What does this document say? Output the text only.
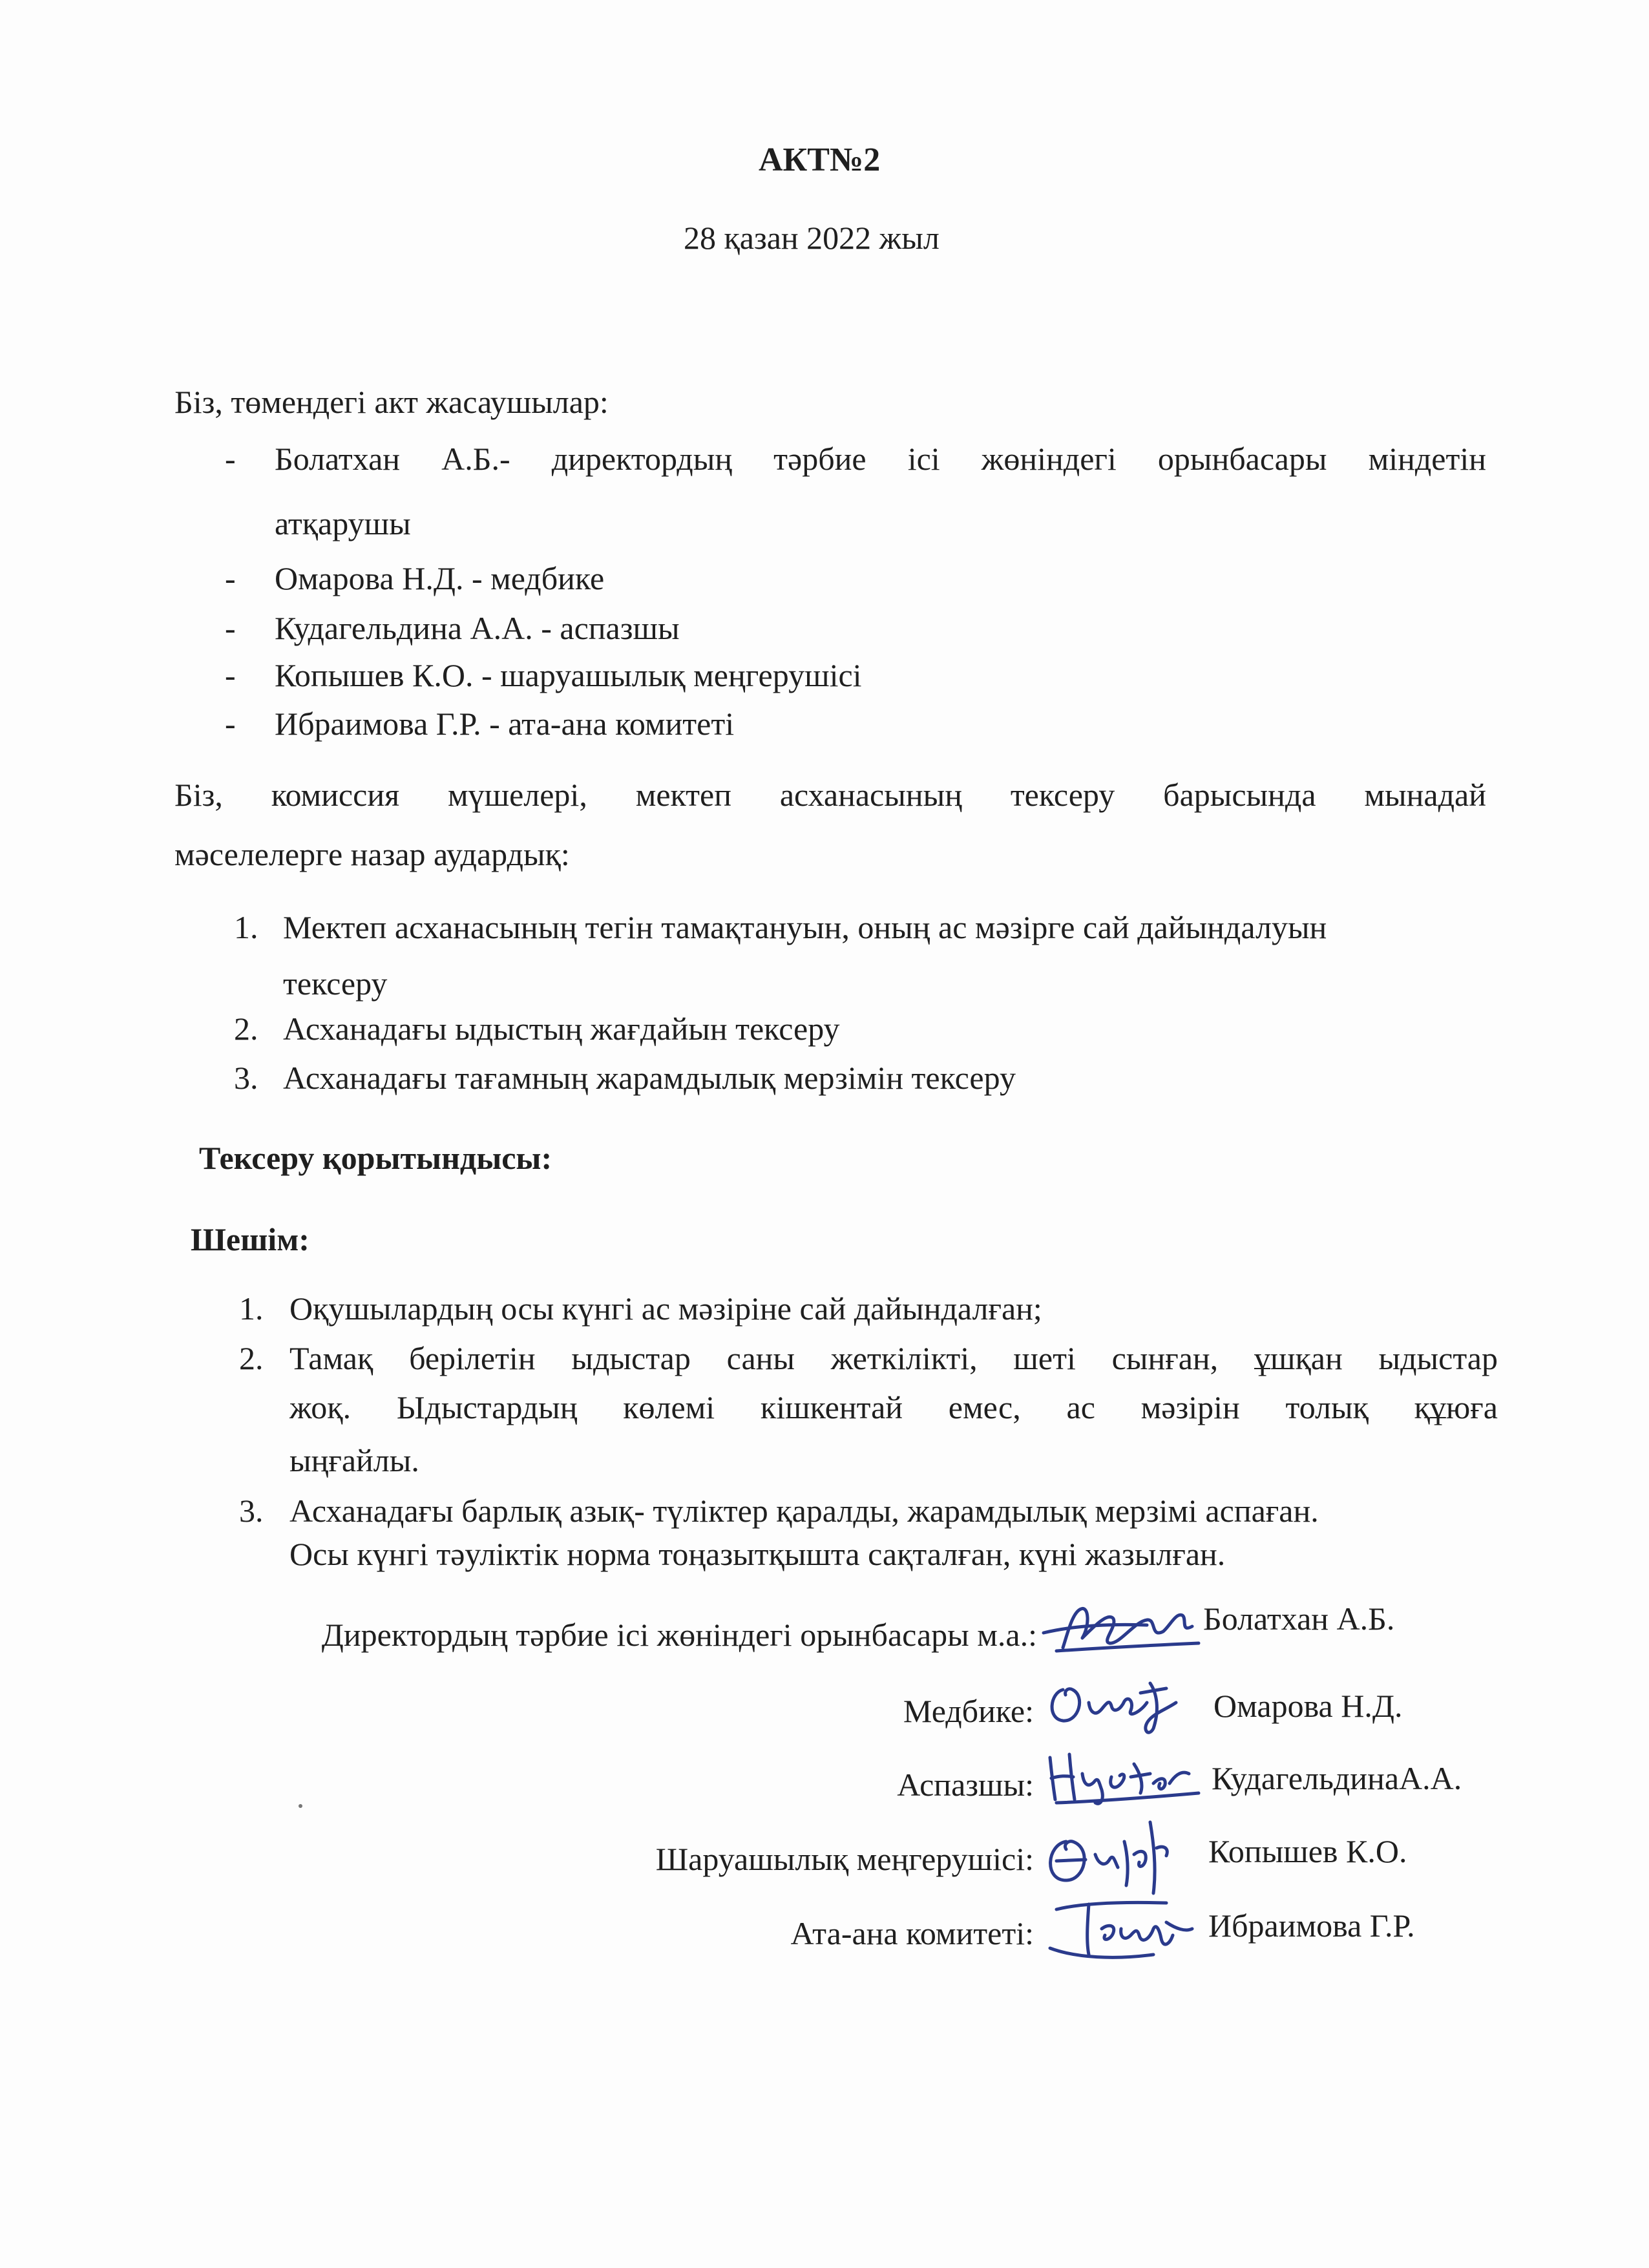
АКТ№2
28 қазан 2022 жыл
Біз, төмендегі акт жасаушылар:
- Болатхан А.Б.- директордың тәрбие ісі жөніндегі орынбасары міндетін
атқарушы
- Омарова Н.Д. - медбике
- Кудагельдина А.А. - аспазшы
- Копышев К.О. - шаруашылық меңгерушісі
- Ибраимова Г.Р. - ата-ана комитеті
Біз, комиссия мүшелері, мектеп асханасының тексеру барысында мынадай
мәселелерге назар аудардық:
1. Мектеп асханасының тегін тамақтануын, оның ас мәзірге сай дайындалуын
тексеру
2. Асханадағы ыдыстың жағдайын тексеру
3. Асханадағы тағамның жарамдылық мерзімін тексеру
Тексеру қорытындысы:
Шешім:
1. Оқушылардың осы күнгі ас мәзіріне сай дайындалған;
2. Тамақ берілетін ыдыстар саны жеткілікті, шеті сынған, ұшқан ыдыстар
жоқ. Ыдыстардың көлемі кішкентай емес, ас мәзірін толық құюға
ыңғайлы.
3. Асханадағы барлық азық- түліктер қаралды, жарамдылық мерзімі аспаған.
Осы күнгі тәуліктік норма тоңазытқышта сақталған, күні жазылған.
Директордың тәрбие ісі жөніндегі орынбасары м.а.:	Болатхан А.Б.
Медбике:	Омарова Н.Д.
Аспазшы:	КудагельдинаА.А.
Шаруашылық меңгерушісі:	Копышев К.О.
Ата-ана комитеті:	Ибраимова Г.Р.
